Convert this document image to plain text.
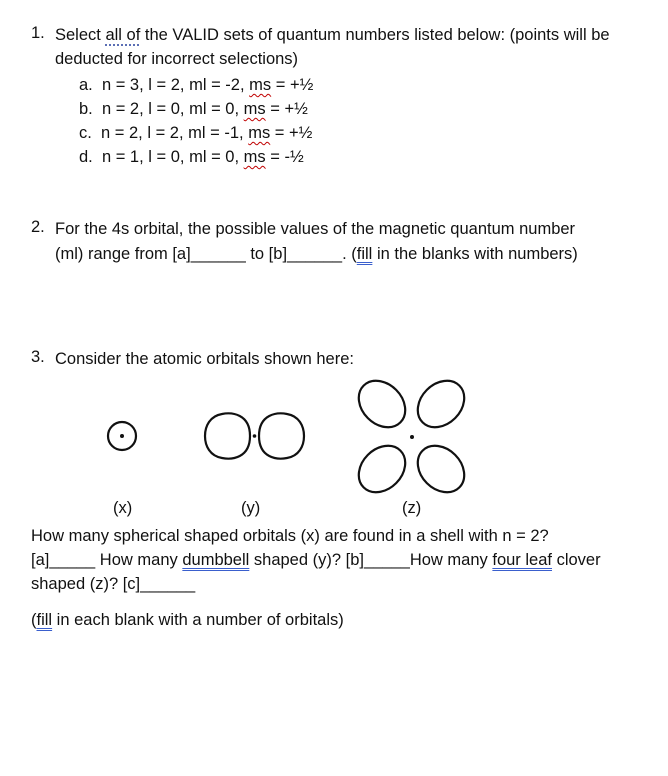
1. Select all of the VALID sets of quantum numbers listed below: (points will be
deducted for incorrect selections)
a. n = 3, l = 2, ml = -2, ms = +½
b. n = 2, l = 0, ml = 0, ms = +½
c. n = 2, l = 2, ml = -1, ms = +½
d. n = 1, l = 0, ml = 0, ms = -½
2. For the 4s orbital, the possible values of the magnetic quantum number
(ml) range from [a]______ to [b]______. (fill in the blanks with numbers)
3. Consider the atomic orbitals shown here:
(x)	(y)	(z)
How many spherical shaped orbitals (x) are found in a shell with n = 2?
[a]_____ How many dumbbell shaped (y)? [b]_____How many four leaf clover
shaped (z)? [c]______
(fill in each blank with a number of orbitals)
